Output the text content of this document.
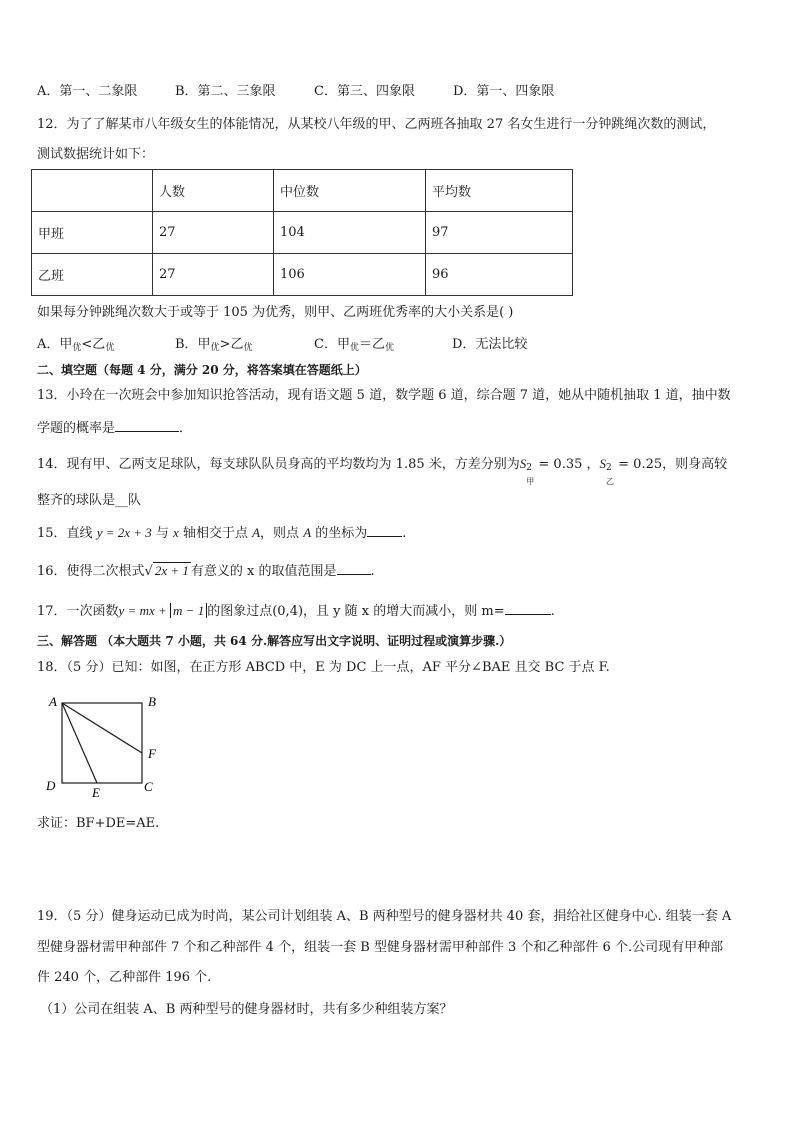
A．第一、二象限	B．第二、三象限	C．第三、四象限	D．第一、四象限
12．为了了解某市八年级女生的体能情况，从某校八年级的甲、乙两班各抽取 27 名女生进行一分钟跳绳次数的测试，
测试数据统计如下：
	人数	中位数	平均数
甲班	27	104	97
乙班	27	106	96
如果每分钟跳绳次数大于或等于 105 为优秀，则甲、乙两班优秀率的大小关系是( )
A．甲$_优$<乙$_优$	B．甲$_优$>乙$_优$	C．甲$_优$＝乙$_优$	D．无法比较
二、填空题（每题 4 分，满分 20 分，将答案填在答题纸上）
13．小玲在一次班会中参加知识抢答活动，现有语文题 5 道，数学题 6 道，综合题 7 道，她从中随机抽取 1 道，抽中数
学题的概率是	．
14．现有甲、乙两支足球队，每支球队队员身高的平均数均为 1.85 米，方差分别为S 2
甲
= 0.35 ，S 2
乙
= 0.25，则身高较
整齐的球队是__队
15．直线 y = 2x + 3 与 x 轴相交于点 A，则点 A 的坐标为	.
16．使得二次根式√ 2x + 1 有意义的 x 的取值范围是	.
17．一次函数y = mx + m − 1 的图象过点(0,4)，且 y 随 x 的增大而减小，则 m=	.
三、解答题 （本大题共 7 小题，共 64 分.解答应写出文字说明、证明过程或演算步骤.）
18．（5 分）已知：如图，在正方形 ABCD 中，E 为 DC 上一点，AF 平分∠BAE 且交 BC 于点 F.
A	B
F
D	E	C
求证：BF+DE=AE.
19．（5 分）健身运动已成为时尚，某公司计划组装 A、B 两种型号的健身器材共 40 套，捐给社区健身中心. 组装一套 A
型健身器材需甲种部件 7 个和乙种部件 4 个，组装一套 B 型健身器材需甲种部件 3 个和乙种部件 6 个.公司现有甲种部
件 240 个，乙种部件 196 个.
（1）公司在组装 A、B 两种型号的健身器材时，共有多少种组装方案？
